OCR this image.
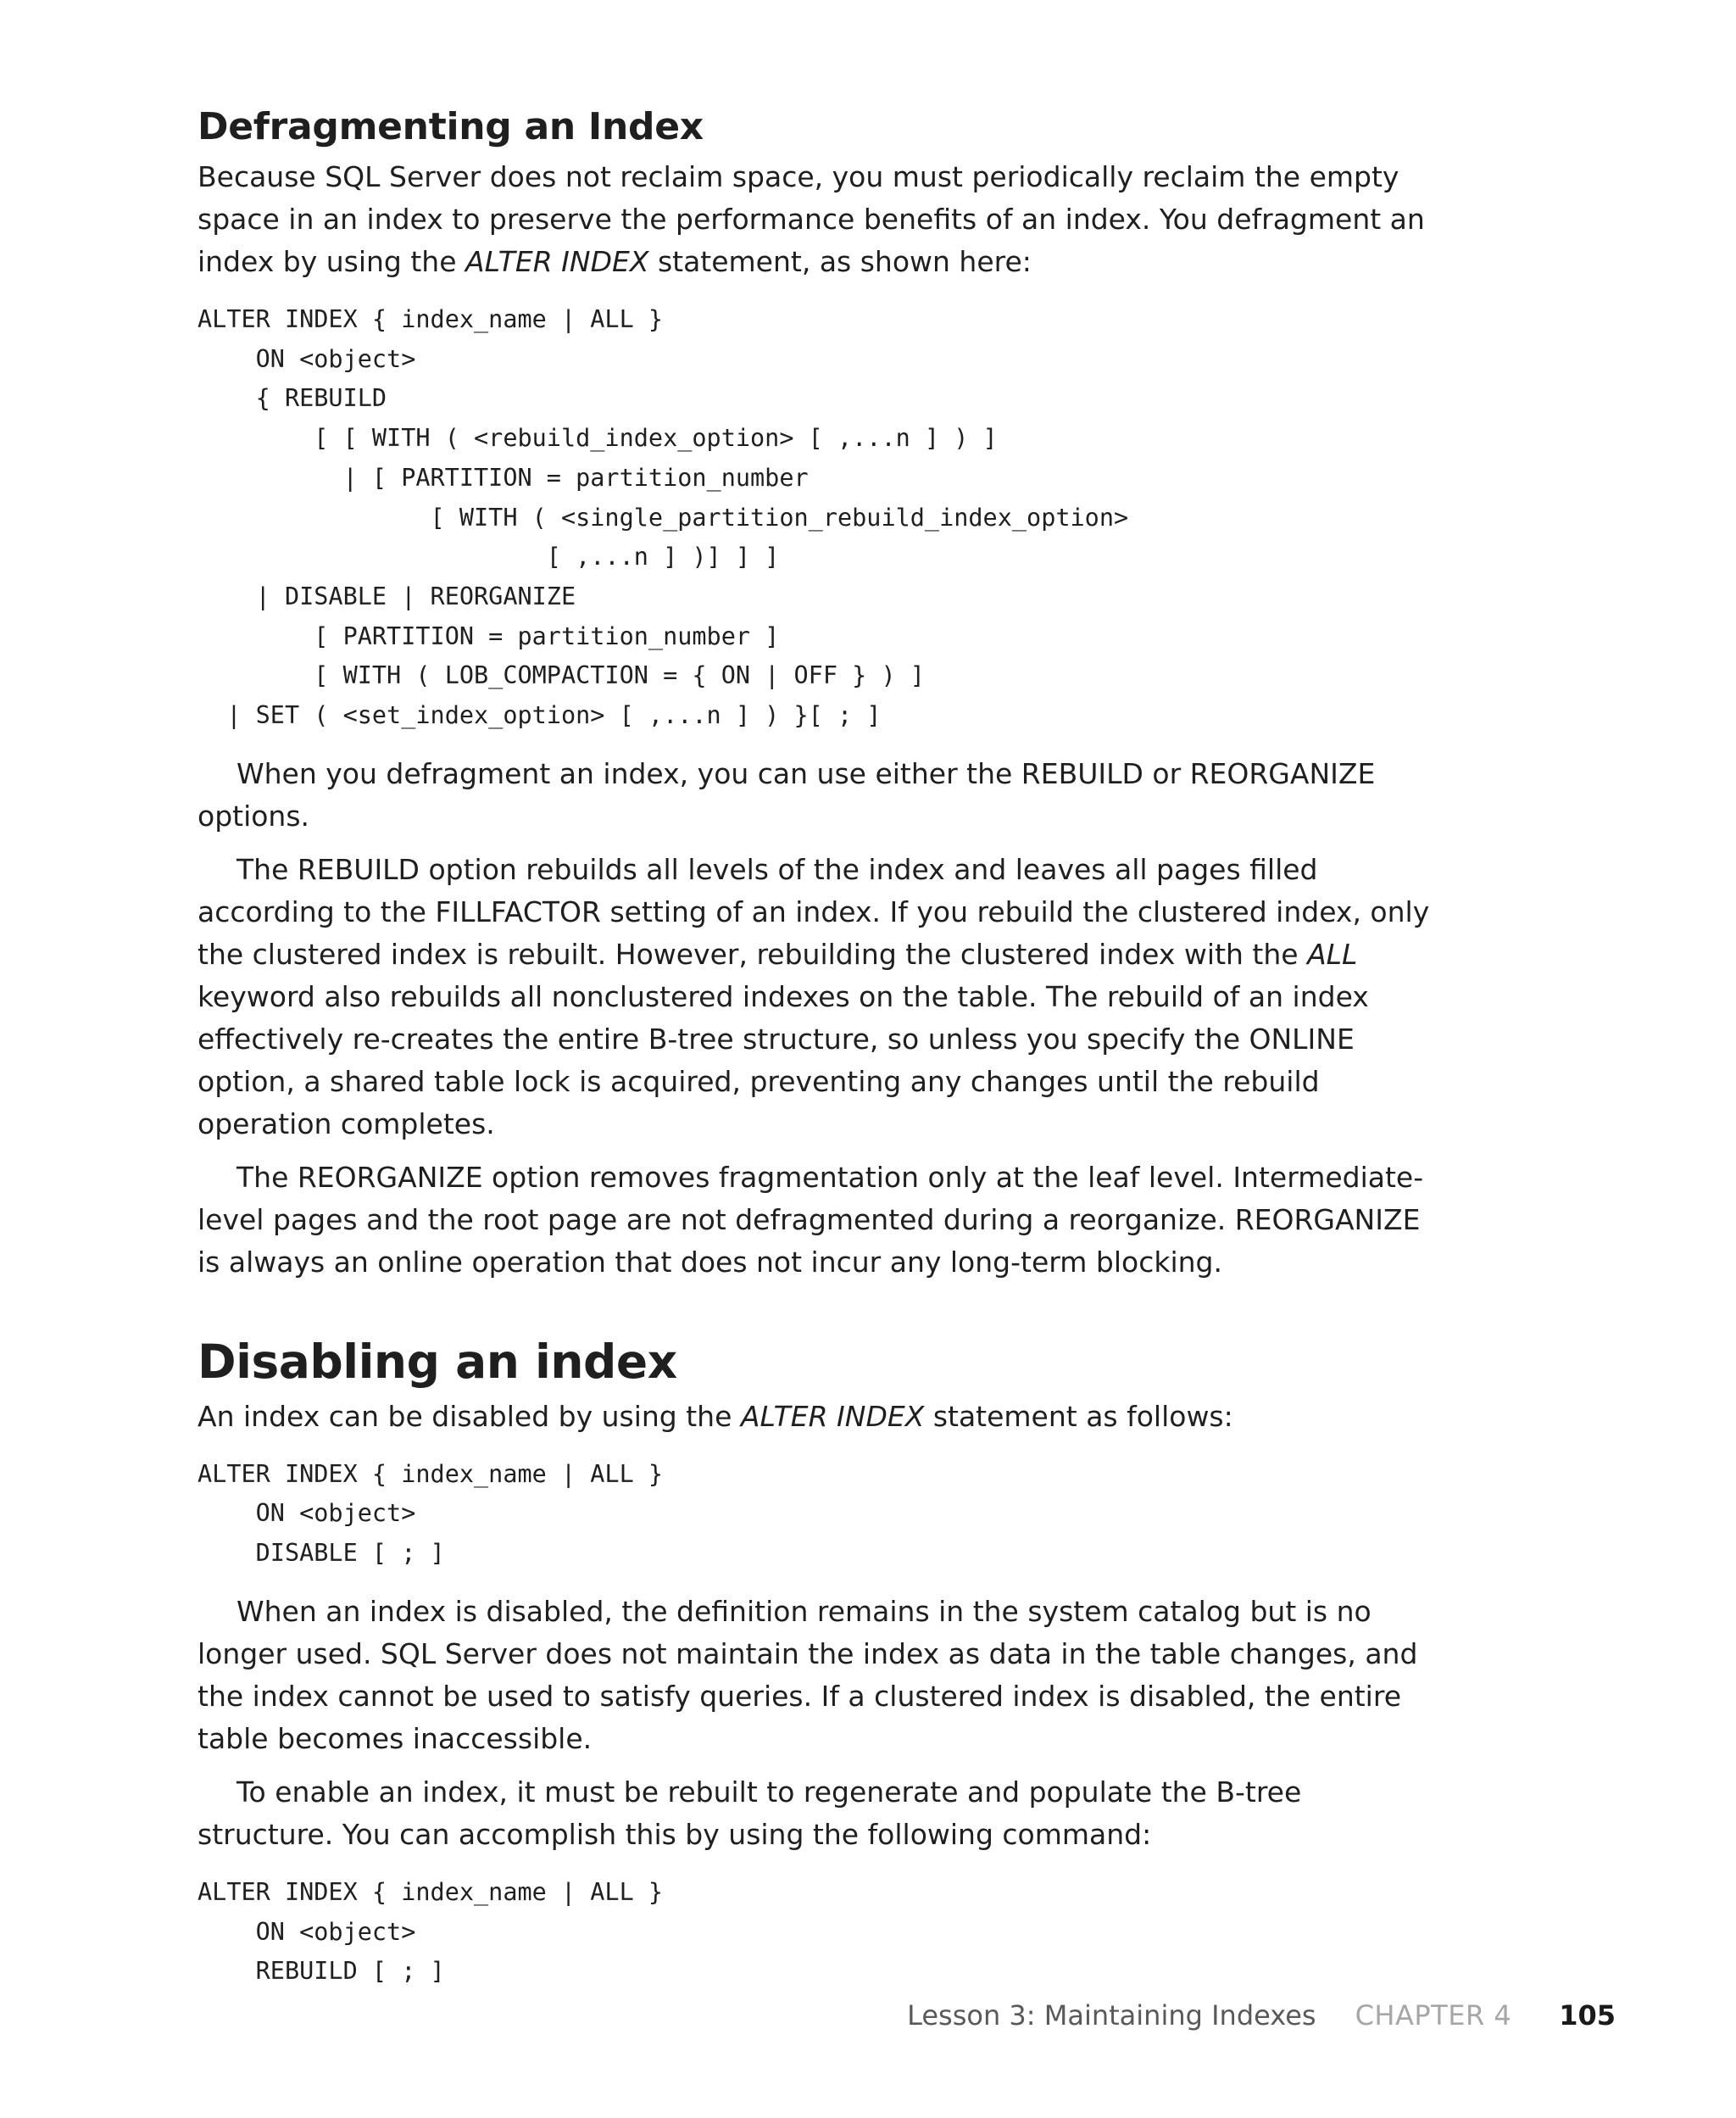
Defragmenting an Index

Because SQL Server does not reclaim space, you must periodically reclaim the empty space in an index to preserve the performance benefits of an index. You defragment an index by using the ALTER INDEX statement, as shown here:

ALTER INDEX { index_name | ALL }
ON <object>
{ REBUILD
[ [ WITH ( <rebuild_index_option> [ ,...n ] ) ]
| [ PARTITION = partition_number
[ WITH ( <single_partition_rebuild_index_option>
[ ,...n ] )] ] ]
| DISABLE | REORGANIZE
[ PARTITION = partition_number ]
[ WITH ( LOB_COMPACTION = { ON | OFF } ) ]
| SET ( <set_index_option> [ ,...n ] ) }[ ; ]

When you defragment an index, you can use either the REBUILD or REORGANIZE options.

The REBUILD option rebuilds all levels of the index and leaves all pages filled according to the FILLFACTOR setting of an index. If you rebuild the clustered index, only the clustered index is rebuilt. However, rebuilding the clustered index with the ALL keyword also rebuilds all nonclustered indexes on the table. The rebuild of an index effectively re-creates the entire B-tree structure, so unless you specify the ONLINE option, a shared table lock is acquired, preventing any changes until the rebuild operation completes.

The REORGANIZE option removes fragmentation only at the leaf level. Intermediate-level pages and the root page are not defragmented during a reorganize. REORGANIZE is always an online operation that does not incur any long-term blocking.

Disabling an index

An index can be disabled by using the ALTER INDEX statement as follows:

ALTER INDEX { index_name | ALL }
ON <object>
DISABLE [ ; ]

When an index is disabled, the definition remains in the system catalog but is no longer used. SQL Server does not maintain the index as data in the table changes, and the index cannot be used to satisfy queries. If a clustered index is disabled, the entire table becomes inaccessible.

To enable an index, it must be rebuilt to regenerate and populate the B-tree structure. You can accomplish this by using the following command:

ALTER INDEX { index_name | ALL }
ON <object>
REBUILD [ ; ]
Lesson 3: Maintaining Indexes CHAPTER 4 105
